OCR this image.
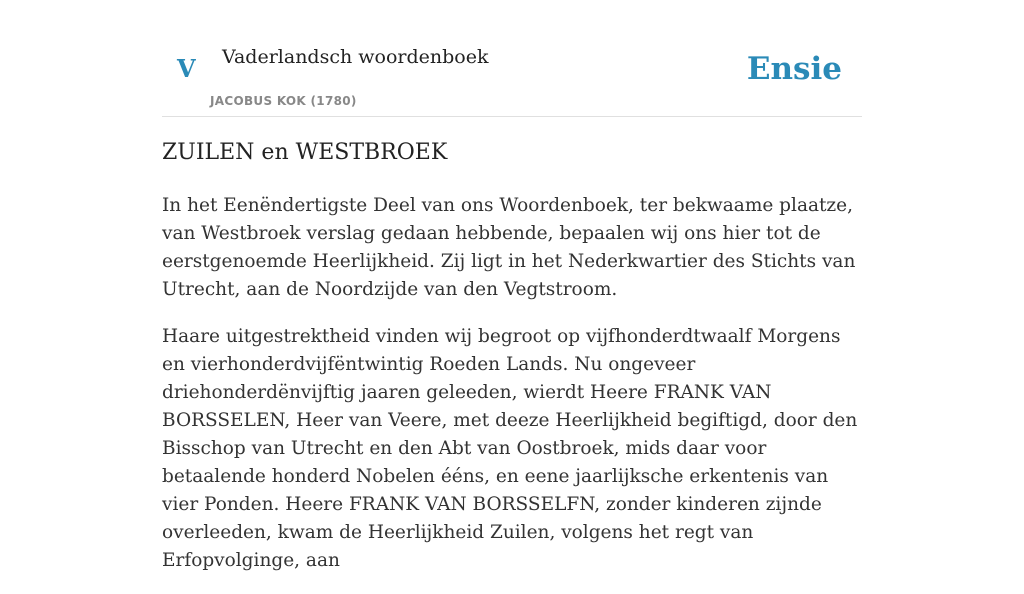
V Vaderlandsch woordenboek
JACOBUS KOK (1780)
Ensie
ZUILEN en WESTBROEK

In het Eenëndertigste Deel van ons Woordenboek, ter bekwaame plaatze, van Westbroek verslag gedaan hebbende, bepaalen wij ons hier tot de eerstgenoemde Heerlijkheid. Zij ligt in het Nederkwartier des Stichts van Utrecht, aan de Noordzijde van den Vegtstroom.

Haare uitgestrektheid vinden wij begroot op vijfhonderdtwaalf Morgens en vierhonderdvijfëntwintig Roeden Lands. Nu ongeveer driehonderdënvijftig jaaren geleeden, wierdt Heere FRANK VAN BORSSELEN, Heer van Veere, met deeze Heerlijkheid begiftigd, door den Bisschop van Utrecht en den Abt van Oostbroek, mids daar voor betaalende honderd Nobelen ééns, en eene jaarlijksche erkentenis van vier Ponden. Heere FRANK VAN BORSSELFN, zonder kinderen zijnde overleeden, kwam de Heerlijkheid Zuilen, volgens het regt van Erfopvolginge, aan
